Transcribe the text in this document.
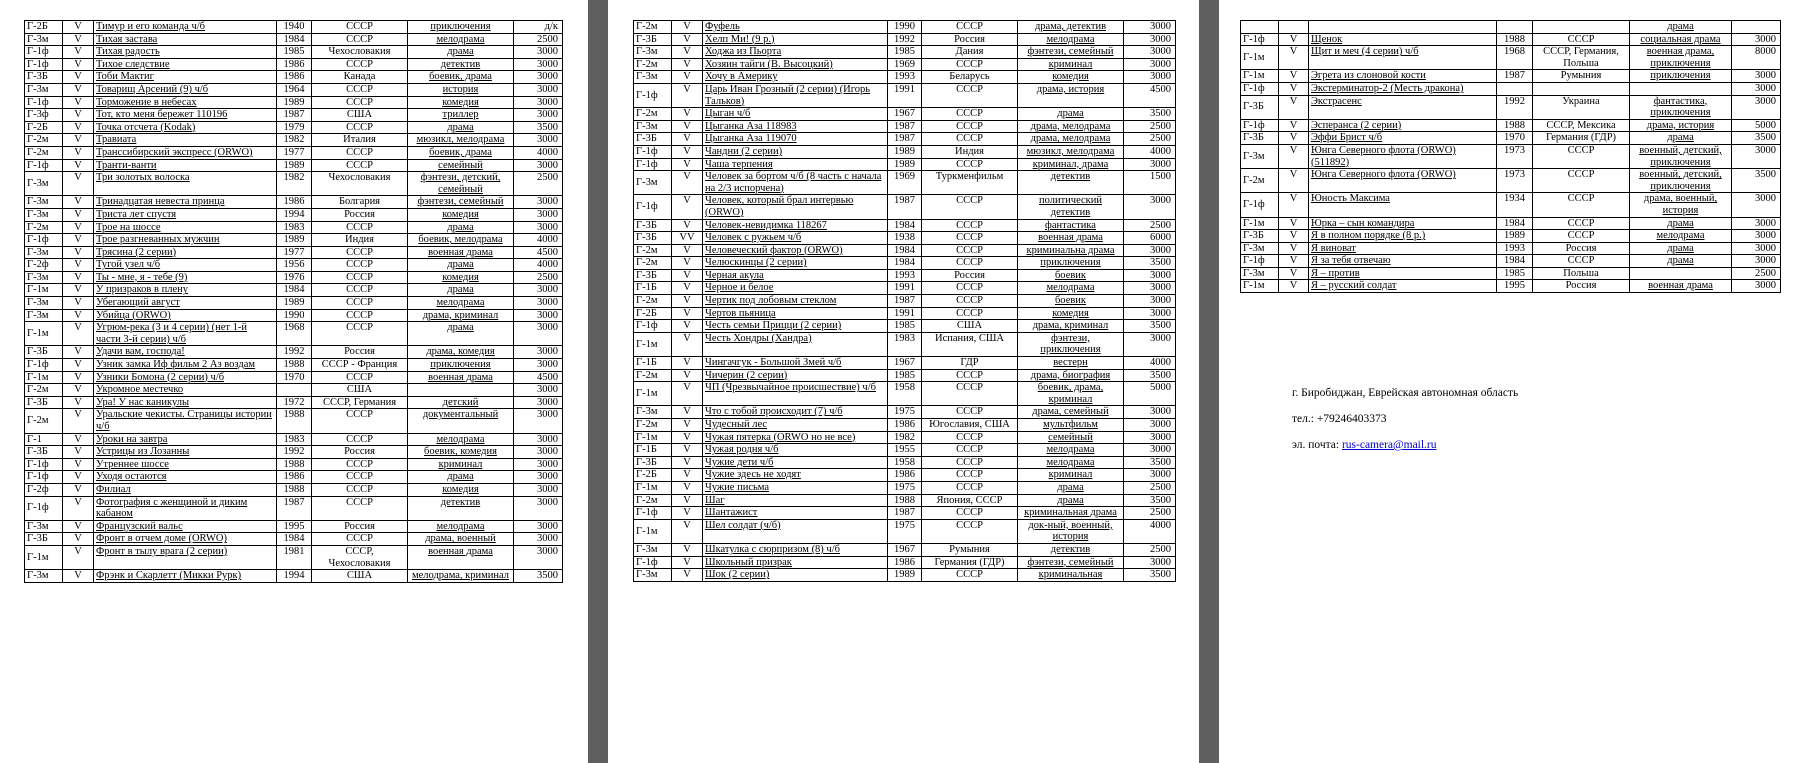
Г-2Б	V	Тимур и его команда ч/б	1940	СССР	приключения	д/к
Г-3м	V	Тихая застава	1984	СССР	мелодрама	2500
Г-1ф	V	Тихая радость	1985	Чехословакия	драма	3000
Г-1ф	V	Тихое следствие	1986	СССР	детектив	3000
Г-3Б	V	Тоби Мактиг	1986	Канада	боевик, драма	3000
Г-3м	V	Товарищ Арсений (9) ч/б	1964	СССР	история	3000
Г-1ф	V	Торможение в небесах	1989	СССР	комедия	3000
Г-3ф	V	Тот, кто меня бережет 110196	1987	США	триллер	3000
Г-2Б	V	Точка отсчета (Kodak)	1979	СССР	драма	3500
Г-2м	V	Травиата	1982	Италия	мюзикл, мелодрама	3000
Г-2м	V	Транссибирский экспресс (ORWO)	1977	СССР	боевик, драма	4000
Г-1ф	V	Транти-ванти	1989	СССР	семейный	3000
Г-3м	V	Три золотых волоска	1982	Чехословакия	фэнтези, детский, семейный	2500
Г-3м	V	Тринадцатая невеста принца	1986	Болгария	фэнтези, семейный	3000
Г-3м	V	Триста лет спустя	1994	Россия	комедия	3000
Г-2м	V	Трое на шоссе	1983	СССР	драма	3000
Г-1ф	V	Трое разгневанных мужчин	1989	Индия	боевик, мелодрама	4000
Г-3м	V	Трясина (2 серии)	1977	СССР	военная драма	4500
Г-2ф	V	Тугой узел ч/б	1956	СССР	драма	4000
Г-3м	V	Ты - мне, я - тебе (9)	1976	СССР	комедия	2500
Г-1м	V	У призраков в плену	1984	СССР	драма	3000
Г-3м	V	Убегающий август	1989	СССР	мелодрама	3000
Г-3м	V	Убийца (ORWO)	1990	СССР	драма, криминал	3000
Г-1м	V	Угрюм-река (3 и 4 серии) (нет 1-й части 3-й серии) ч/б	1968	СССР	драма	3000
Г-3Б	V	Удачи вам, господа!	1992	Россия	драма, комедия	3000
Г-1ф	V	Узник замка Иф фильм 2 Аз воздам	1988	СССР - Франция	приключения	3000
Г-1м	V	Узники Бомона (2 серии) ч/б	1970	СССР	военная драма	4500
Г-2м	V	Укромное местечко		США		3000
Г-3Б	V	Ура! У нас каникулы	1972	СССР, Германия	детский	3000
Г-2м	V	Уральские чекисты. Страницы истории ч/б	1988	СССР	документальный	3000
Г-1	V	Уроки на завтра	1983	СССР	мелодрама	3000
Г-3Б	V	Устрицы из Лозанны	1992	Россия	боевик, комедия	3000
Г-1ф	V	Утреннее шоссе	1988	СССР	криминал	3000
Г-1ф	V	Уходя остаются	1986	СССР	драма	3000
Г-2ф	V	Филиал	1988	СССР	комедия	3000
Г-1ф	V	Фотография с женщиной и диким кабаном	1987	СССР	детектив	3000
Г-3м	V	Французский вальс	1995	Россия	мелодрама	3000
Г-3Б	V	Фронт в отчем доме (ORWO)	1984	СССР	драма, военный	3000
Г-1м	V	Фронт в тылу врага (2 серии)	1981	СССР, Чехословакия	военная драма	3000
Г-3м	V	Фрэнк и Скарлетт (Микки Рурк)	1994	США	мелодрама, криминал	3500
Г-2м	V	Фуфель	1990	СССР	драма, детектив	3000
Г-3Б	V	Хелп Ми! (9 р.)	1992	Россия	мелодрама	3000
Г-3м	V	Ходжа из Пьорта	1985	Дания	фэнтези, семейный	3000
Г-2м	V	Хозяин тайги (В. Высоцкий)	1969	СССР	криминал	3000
Г-3м	V	Хочу в Америку	1993	Беларусь	комедия	3000
Г-1ф	V	Царь Иван Грозный (2 серии) (Игорь Тальков)	1991	СССР	драма, история	4500
Г-2м	V	Цыган ч/б	1967	СССР	драма	3500
Г-3м	V	Цыганка Аза 118983	1987	СССР	драма, мелодрама	2500
Г-3Б	V	Цыганка Аза 119070	1987	СССР	драма, мелодрама	2500
Г-1ф	V	Чандни (2 серии)	1989	Индия	мюзикл, мелодрама	4000
Г-1ф	V	Чаша терпения	1989	СССР	криминал, драма	3000
Г-3м	V	Человек за бортом ч/б (8 часть с начала на 2/3 испорчена)	1969	Туркменфильм	детектив	1500
Г-1ф	V	Человек, который брал интервью (ORWO)	1987	СССР	политический детектив	3000
Г-3Б	V	Человек-невидимка 118267	1984	СССР	фантастика	2500
Г-3Б	VV	Человек с ружьем ч/б	1938	СССР	военная драма	6000
Г-2м	V	Человеческий фактор (ORWO)	1984	СССР	криминальна драма	3000
Г-2м	V	Челюскинцы (2 серии)	1984	СССР	приключения	3500
Г-3Б	V	Черная акула	1993	Россия	боевик	3000
Г-1Б	V	Черное и белое	1991	СССР	мелодрама	3000
Г-2м	V	Чертик под лобовым стеклом	1987	СССР	боевик	3000
Г-2Б	V	Чертов пьяница	1991	СССР	комедия	3000
Г-1ф	V	Честь семьи Прицци (2 серии)	1985	США	драма, криминал	3500
Г-1м	V	Честь Хондры (Хандра)	1983	Испания, США	фэнтези, приключения	3000
Г-1Б	V	Чингачгук - Большой Змей ч/б	1967	ГДР	вестерн	4000
Г-2м	V	Чичерин (2 серии)	1985	СССР	драма, биография	3500
Г-1м	V	ЧП (Чрезвычайное происшествие) ч/б	1958	СССР	боевик, драма, криминал	5000
Г-3м	V	Что с тобой происходит (7) ч/б	1975	СССР	драма, семейный	3000
Г-2м	V	Чудесный лес	1986	Югославия, США	мультфильм	3000
Г-1м	V	Чужая пятерка (ORWO но не все)	1982	СССР	семейный	3000
Г-1Б	V	Чужая родня ч/б	1955	СССР	мелодрама	3000
Г-3Б	V	Чужие дети ч/б	1958	СССР	мелодрама	3500
Г-2Б	V	Чужие здесь не ходят	1986	СССР	криминал	3000
Г-1м	V	Чужие письма	1975	СССР	драма	2500
Г-2м	V	Шаг	1988	Япония, СССР	драма	3500
Г-1ф	V	Шантажист	1987	СССР	криминальная драма	2500
Г-1м	V	Шел солдат (ч/б)	1975	СССР	док-ный, военный, история	4000
Г-3м	V	Шкатулка с сюрпризом (8) ч/б	1967	Румыния	детектив	2500
Г-1ф	V	Школьный призрак	1986	Германия (ГДР)	фэнтези, семейный	3000
Г-3м	V	Шок (2 серии)	1989	СССР	криминальная	3500
					драма	
Г-1ф	V	Щенок	1988	СССР	социальная драма	3000
Г-1м	V	Щит и меч (4 серии) ч/б	1968	СССР, Германия, Польша	военная драма, приключения	8000
Г-1м	V	Эгрета из слоновой кости	1987	Румыния	приключения	3000
Г-1ф	V	Экстерминатор-2 (Месть дракона)				3000
Г-3Б	V	Экстрасенс	1992	Украина	фантастика, приключения	3000
Г-1ф	V	Эсперанса (2 серии)	1988	СССР, Мексика	драма, история	5000
Г-3Б	V	Эффи Брист ч/б	1970	Германия (ГДР)	драма	3500
Г-3м	V	Юнга Северного флота (ORWO) (511892)	1973	СССР	военный, детский, приключения	3000
Г-2м	V	Юнга Северного флота (ORWO)	1973	СССР	военный, детский, приключения	3500
Г-1ф	V	Юность Максима	1934	СССР	драма, военный, история	3000
Г-1м	V	Юрка – сын командира	1984	СССР	драма	3000
Г-3Б	V	Я в полном порядке (8 р.)	1989	СССР	мелодрама	3000
Г-3м	V	Я виноват	1993	Россия	драма	3000
Г-1ф	V	Я за тебя отвечаю	1984	СССР	драма	3000
Г-3м	V	Я – против	1985	Польша		2500
Г-1м	V	Я – русский солдат	1995	Россия	военная драма	3000
г. Биробиджан, Еврейская автономная область
тел.: +79246403373
эл. почта: rus-camera@mail.ru
